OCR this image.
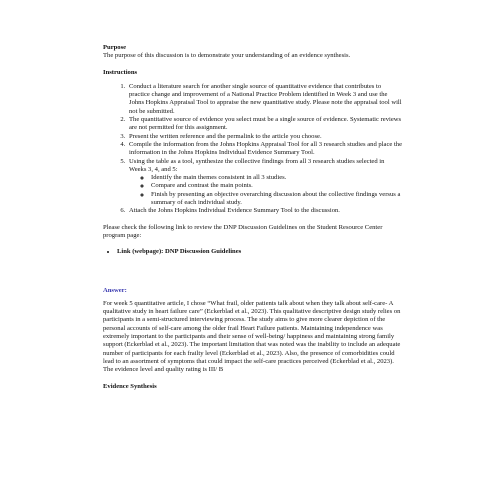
Purpose

The purpose of this discussion is to demonstrate your understanding of an evidence synthesis.

Instructions

1. Conduct a literature search for another single source of quantitative evidence that contributes to practice change and improvement of a National Practice Problem identified in Week 3 and use the Johns Hopkins Appraisal Tool to appraise the new quantitative study. Please note the appraisal tool will not be submitted.
2. The quantitative source of evidence you select must be a single source of evidence. Systematic reviews are not permitted for this assignment.
3. Present the written reference and the permalink to the article you choose.
4. Compile the information from the Johns Hopkins Appraisal Tool for all 3 research studies and place the information in the Johns Hopkins Individual Evidence Summary Tool.
5. Using the table as a tool, synthesize the collective findings from all 3 research studies selected in Weeks 3, 4, and 5:
◦ Identify the main themes consistent in all 3 studies.
◦ Compare and contrast the main points.
◦ Finish by presenting an objective overarching discussion about the collective findings versus a summary of each individual study.
6. Attach the Johns Hopkins Individual Evidence Summary Tool to the discussion.

Please check the following link to review the DNP Discussion Guidelines on the Student Resource Center program page:

• Link (webpage): DNP Discussion Guidelines

Answer:

For week 5 quantitative article, I chose “What frail, older patients talk about when they talk about self-care- A qualitative study in heart failure care” (Eckerblad et al., 2023). This qualitative descriptive design study relies on participants in a semi-structured interviewing process. The study aims to give more clearer depiction of the personal accounts of self-care among the older frail Heart Failure patients. Maintaining independence was extremely important to the participants and their sense of well-being/ happiness and maintaining strong family support (Eckerblad et al., 2023). The important limitation that was noted was the inability to include an adequate number of participants for each frailty level (Eckerblad et al., 2023). Also, the presence of comorbidities could lead to an assortment of symptoms that could impact the self-care practices perceived (Eckerblad et al., 2023). The evidence level and quality rating is III/ B

Evidence Synthesis
